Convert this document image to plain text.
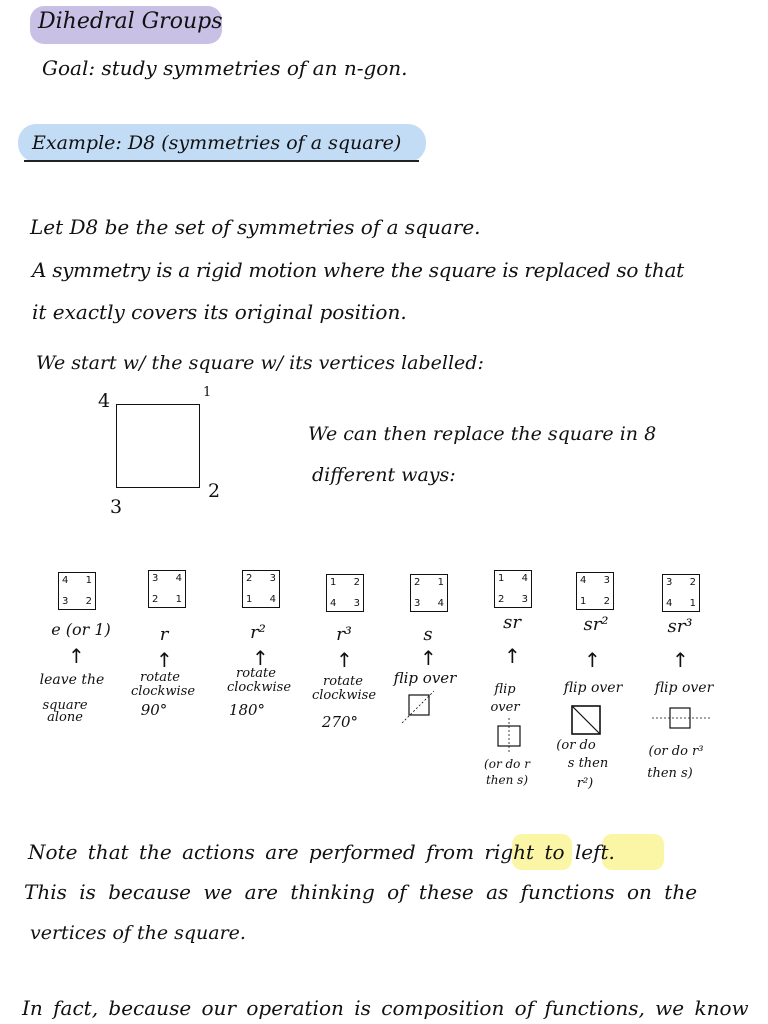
Dihedral Groups
Goal: study symmetries of an n-gon.
Example: D8 (symmetries of a square)
Let D8 be the set of symmetries of a square.
A symmetry is a rigid motion where the square is replaced so that
it exactly covers its original position.
We start w/ the square w/ its vertices labelled:
4	1
2
3
We can then replace the square in 8
different ways:
4 1
3 2
e (or 1)
↑
leave the
square
alone
3 4
2 1
r
↑
rotate
clockwise
90°
2 3
1 4
r²
↑
rotate
clockwise
180°
1 2
4 3
r³
↑
rotate
clockwise
270°
2 1
3 4
s
↑
flip over
1 4
2 3
sr
↑
flip
over
(or do r
then s)
4 3
1 2
sr²
↑
flip over
(or do
s then
r²)
3 2
4 1
sr³
↑
flip over
(or do r³
then s)
Note that the actions are performed from right to left.
This is because we are thinking of these as functions on the
vertices of the square.
In fact, because our operation is composition of functions, we know
